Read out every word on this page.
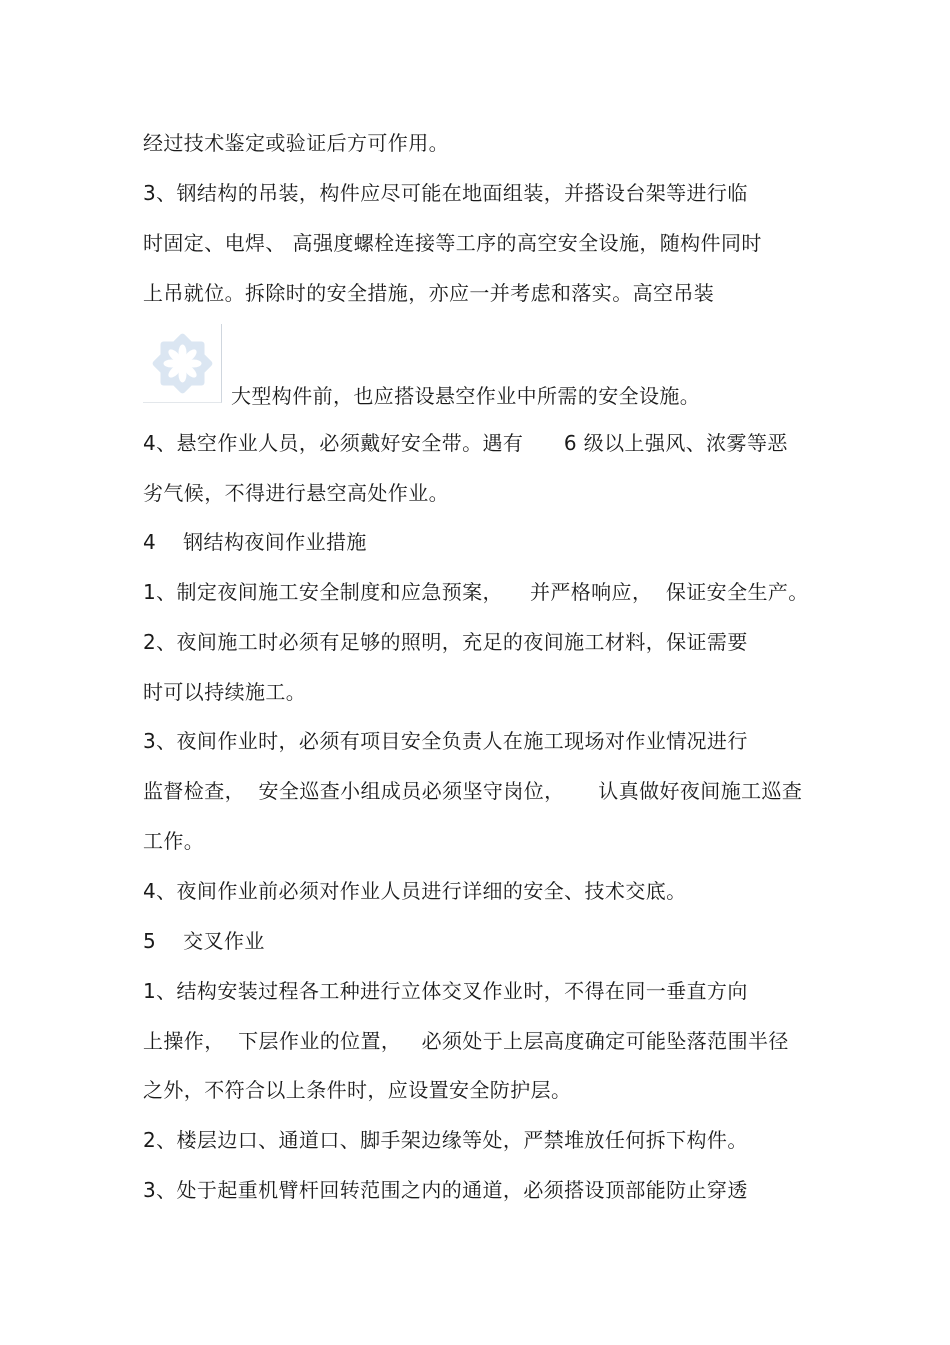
经过技术鉴定或验证后方可作用。
3、钢结构的吊装，构件应尽可能在地面组装，并搭设台架等进行临
时固定、电焊、 高强度螺栓连接等工序的高空安全设施，随构件同时
上吊就位。拆除时的安全措施，亦应一并考虑和落实。高空吊装
大型构件前，也应搭设悬空作业中所需的安全设施。
4、悬空作业人员，必须戴好安全带。遇有      6 级以上强风、浓雾等恶
劣气候，不得进行悬空高处作业。
4    钢结构夜间作业措施
1、制定夜间施工安全制度和应急预案，    并严格响应，  保证安全生产。
2、夜间施工时必须有足够的照明，充足的夜间施工材料，保证需要
时可以持续施工。
3、夜间作业时，必须有项目安全负责人在施工现场对作业情况进行
监督检查，  安全巡查小组成员必须坚守岗位，     认真做好夜间施工巡查
工作。
4、夜间作业前必须对作业人员进行详细的安全、技术交底。
5    交叉作业
1、结构安装过程各工种进行立体交叉作业时，不得在同一垂直方向
上操作，  下层作业的位置，   必须处于上层高度确定可能坠落范围半径
之外，不符合以上条件时，应设置安全防护层。
2、楼层边口、通道口、脚手架边缘等处，严禁堆放任何拆下构件。
3、处于起重机臂杆回转范围之内的通道，必须搭设顶部能防止穿透
